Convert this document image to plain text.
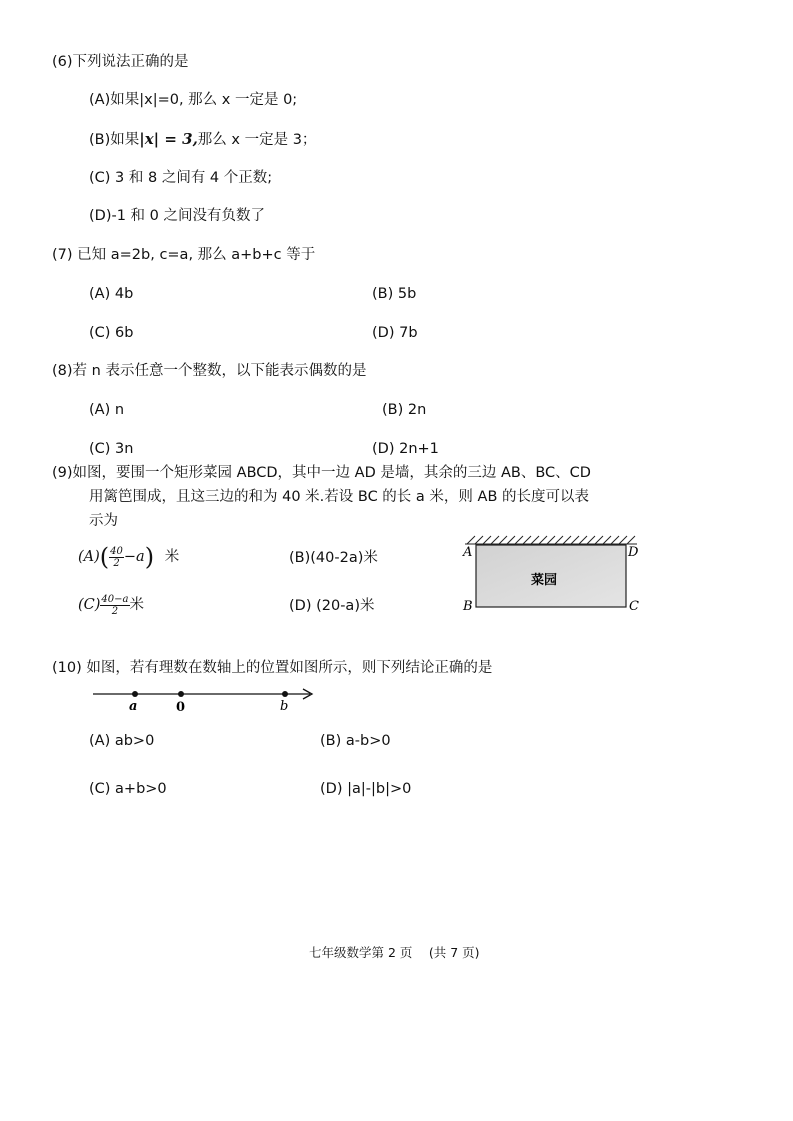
(6)下列说法正确的是
(A)如果|x|=0, 那么 x 一定是 0;
(B)如果|x| = 3,那么 x 一定是 3；
(C) 3 和 8 之间有 4 个正数;
(D)-1 和 0 之间没有负数了
(7) 已知 a=2b, c=a, 那么 a+b+c 等于
(A) 4b	(B) 5b
(C) 6b	(D) 7b
(8)若 n 表示任意一个整数，以下能表示偶数的是
(A) n	(B) 2n
(C) 3n	(D) 2n+1
(9)如图，要围一个矩形菜园 ABCD，其中一边 AD 是墙，其余的三边 AB、BC、CD
用篱笆围成，且这三边的和为 40 米.若设 BC 的长 a 米，则 AB 的长度可以表
示为
$(A)( \frac{40}{2} -a)$ 米	(B)(40-2a)米
$(C) \frac{40-a}{2}$ 米	(D) (20-a)米
A	D
B	C
菜园
(10) 如图，若有理数在数轴上的位置如图所示，则下列结论正确的是
a	0	b
(A) ab>0	(B) a-b>0
(C) a+b>0	(D) |a|-|b|>0
七年级数学第 2 页　 (共 7 页)
